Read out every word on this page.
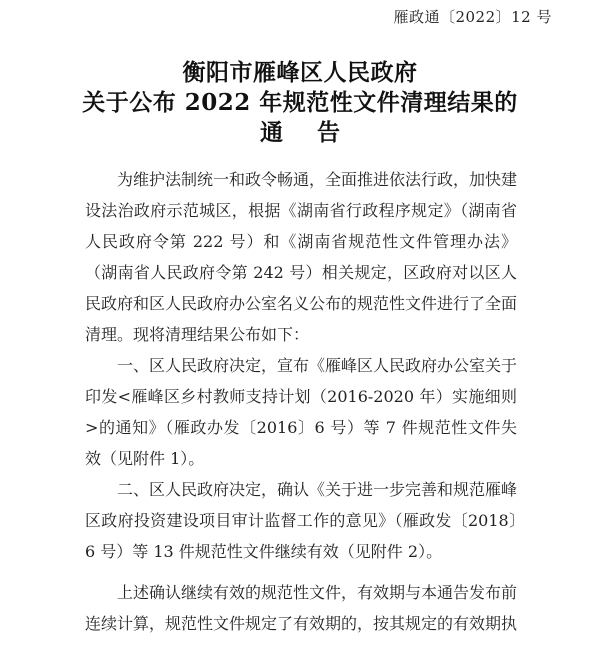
雁政通〔2022〕12 号
衡阳市雁峰区人民政府
关于公布 2022 年规范性文件清理结果的
通告

为维护法制统一和政令畅通，全面推进依法行政，加快建设法治政府示范城区，根据《湖南省行政程序规定》（湖南省人民政府令第 222 号）和《湖南省规范性文件管理办法》（湖南省人民政府令第 242 号）相关规定，区政府对以区人民政府和区人民政府办公室名义公布的规范性文件进行了全面清理。现将清理结果公布如下：

一、区人民政府决定，宣布《雁峰区人民政府办公室关于印发<雁峰区乡村教师支持计划（2016-2020 年）实施细则>的通知》（雁政办发〔2016〕6 号）等 7 件规范性文件失效（见附件 1）。

二、区人民政府决定，确认《关于进一步完善和规范雁峰区政府投资建设项目审计监督工作的意见》（雁政发〔2018〕6 号）等 13 件规范性文件继续有效（见附件 2）。

上述确认继续有效的规范性文件，有效期与本通告发布前连续计算，规范性文件规定了有效期的，按其规定的有效期执
